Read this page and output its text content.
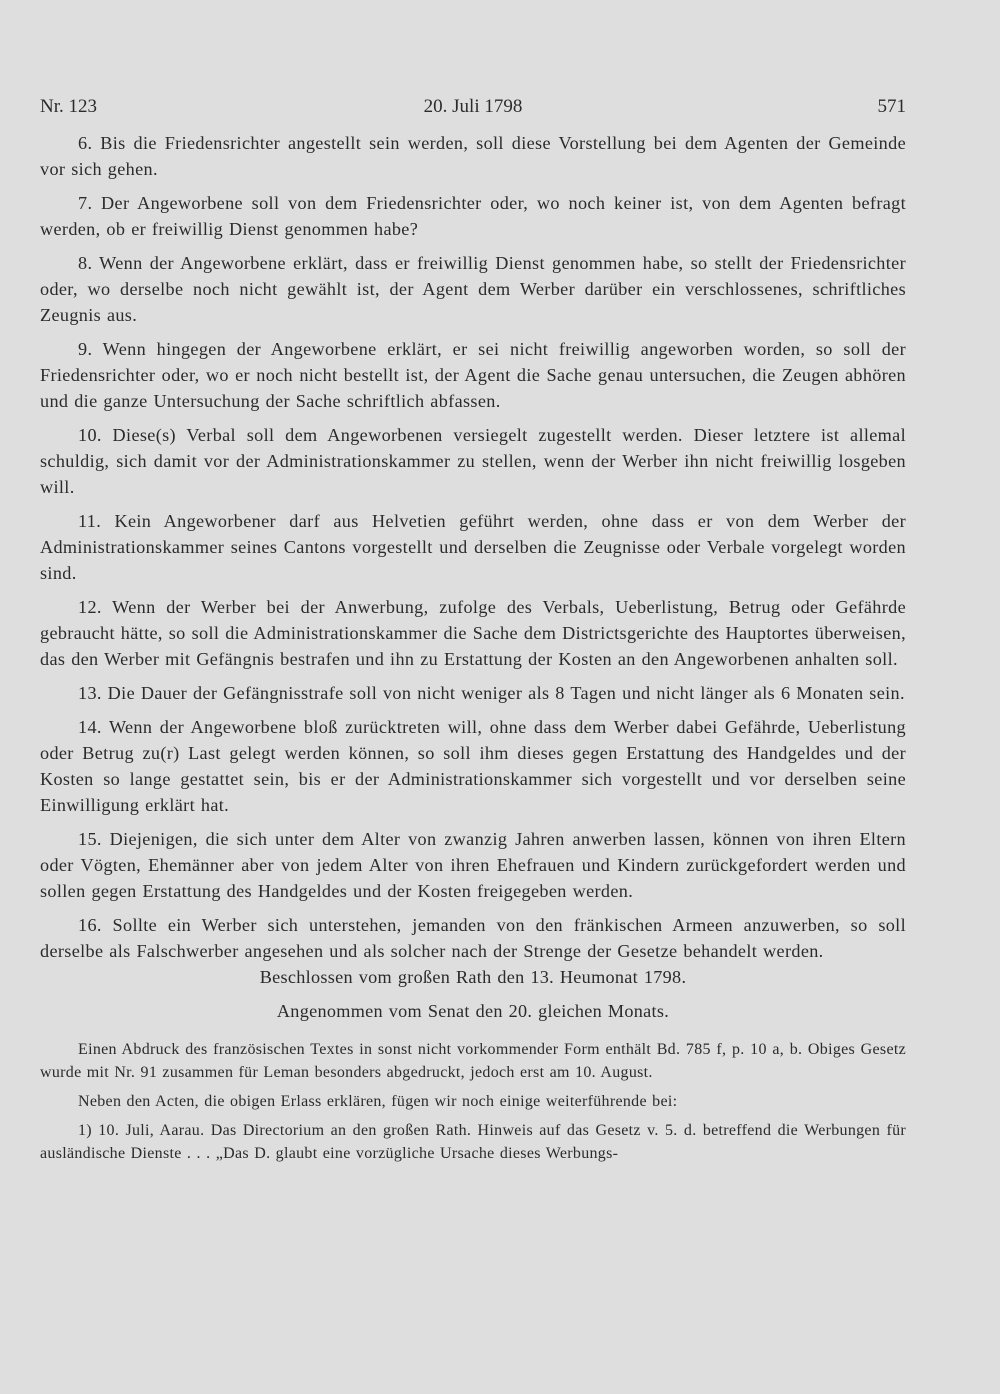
Nr. 123	20. Juli 1798	571

6. Bis die Friedensrichter angestellt sein werden, soll diese Vorstellung bei dem Agenten der Gemeinde vor sich gehen.

7. Der Angeworbene soll von dem Friedensrichter oder, wo noch keiner ist, von dem Agenten befragt werden, ob er freiwillig Dienst genommen habe?

8. Wenn der Angeworbene erklärt, dass er freiwillig Dienst genommen habe, so stellt der Friedensrichter oder, wo derselbe noch nicht gewählt ist, der Agent dem Werber darüber ein verschlossenes, schriftliches Zeugnis aus.

9. Wenn hingegen der Angeworbene erklärt, er sei nicht freiwillig angeworben worden, so soll der Friedensrichter oder, wo er noch nicht bestellt ist, der Agent die Sache genau untersuchen, die Zeugen abhören und die ganze Untersuchung der Sache schriftlich abfassen.

10. Diese(s) Verbal soll dem Angeworbenen versiegelt zugestellt werden. Dieser letztere ist allemal schuldig, sich damit vor der Administrationskammer zu stellen, wenn der Werber ihn nicht freiwillig losgeben will.

11. Kein Angeworbener darf aus Helvetien geführt werden, ohne dass er von dem Werber der Administrationskammer seines Cantons vorgestellt und derselben die Zeugnisse oder Verbale vorgelegt worden sind.

12. Wenn der Werber bei der Anwerbung, zufolge des Verbals, Ueberlistung, Betrug oder Gefährde gebraucht hätte, so soll die Administrationskammer die Sache dem Districtsgerichte des Hauptortes überweisen, das den Werber mit Gefängnis bestrafen und ihn zu Erstattung der Kosten an den Angeworbenen anhalten soll.

13. Die Dauer der Gefängnisstrafe soll von nicht weniger als 8 Tagen und nicht länger als 6 Monaten sein.

14. Wenn der Angeworbene bloß zurücktreten will, ohne dass dem Werber dabei Gefährde, Ueberlistung oder Betrug zu(r) Last gelegt werden können, so soll ihm dieses gegen Erstattung des Handgeldes und der Kosten so lange gestattet sein, bis er der Administrationskammer sich vorgestellt und vor derselben seine Einwilligung erklärt hat.

15. Diejenigen, die sich unter dem Alter von zwanzig Jahren anwerben lassen, können von ihren Eltern oder Vögten, Ehemänner aber von jedem Alter von ihren Ehefrauen und Kindern zurückgefordert werden und sollen gegen Erstattung des Handgeldes und der Kosten freigegeben werden.

16. Sollte ein Werber sich unterstehen, jemanden von den fränkischen Armeen anzuwerben, so soll derselbe als Falschwerber angesehen und als solcher nach der Strenge der Gesetze behandelt werden.

Beschlossen vom großen Rath den 13. Heumonat 1798.

Angenommen vom Senat den 20. gleichen Monats.

Einen Abdruck des französischen Textes in sonst nicht vorkommender Form enthält Bd. 785 f, p. 10 a, b. Obiges Gesetz wurde mit Nr. 91 zusammen für Leman besonders abgedruckt, jedoch erst am 10. August.

Neben den Acten, die obigen Erlass erklären, fügen wir noch einige weiterführende bei:

1) 10. Juli, Aarau. Das Directorium an den großen Rath. Hinweis auf das Gesetz v. 5. d. betreffend die Werbungen für ausländische Dienste . . . „Das D. glaubt eine vorzügliche Ursache dieses Werbungs-
